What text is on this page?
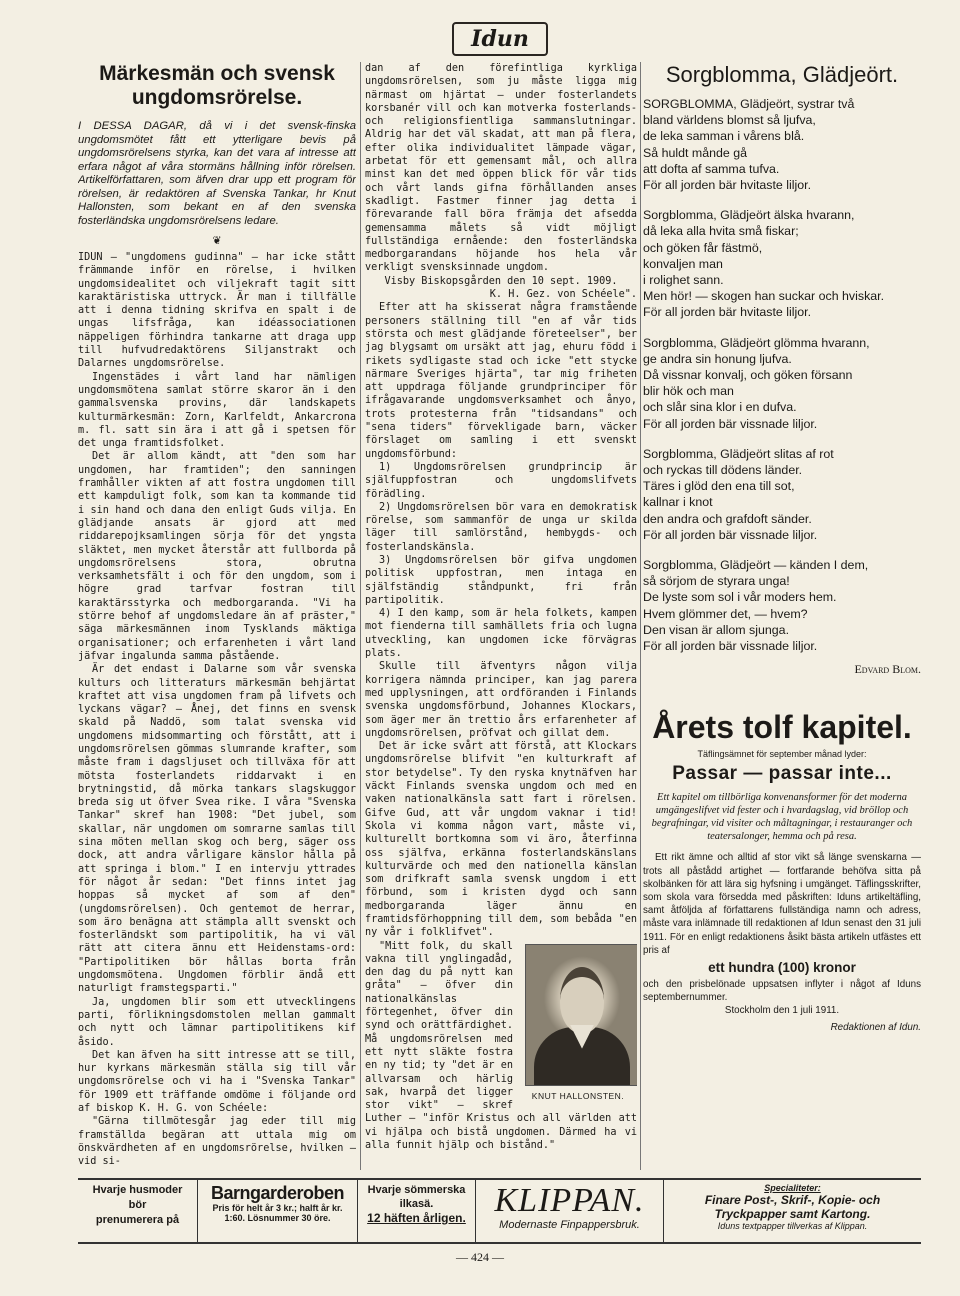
Idun
Märkesmän och svensk ungdomsrörelse.

I DESSA DAGAR, då vi i det svensk-finska ungdomsmötet fått ett ytterligare bevis på ungdomsrörelsens styrka, kan det vara af intresse att erfara något af våra stormäns hållning inför rörelsen. Artikelförfattaren, som äfven drar upp ett program för rörelsen, är redaktören af Svenska Tankar, hr Knut Hallonsten, som bekant en af den svenska fosterländska ungdomsrörelsens ledare.

❦

IDUN — "ungdomens gudinna" — har icke stått främmande inför en rörelse, i hvilken ungdomsidealitet och viljekraft tagit sitt karaktäristiska uttryck. Är man i tillfälle att i denna tidning skrifva en spalt i de ungas lifsfråga, kan idéassociationen näppeligen förhindra tankarne att draga upp till hufvudredaktörens Siljanstrakt och Dalarnes ungdomsrörelse.

Ingenstädes i vårt land har nämligen ungdomsmötena samlat större skaror än i den gammalsvenska provins, där landskapets kulturmärkesmän: Zorn, Karlfeldt, Ankarcrona m. fl. satt sin ära i att gå i spetsen för det unga framtidsfolket.

Det är allom kändt, att "den som har ungdomen, har framtiden"; den sanningen framhåller vikten af att fostra ungdomen till ett kampduligt folk, som kan ta kommande tid i sin hand och dana den enligt Guds vilja. En glädjande ansats är gjord att med riddarepojksamlingen sörja för det yngsta släktet, men mycket återstår att fullborda på ungdomsrörelsens stora, obrutna verksamhetsfält i och för den ungdom, som i högre grad tarfvar fostran till karaktärsstyrka och medborgaranda. "Vi ha större behof af ungdomsledare än af präster," säga märkesmännen inom Tysklands mäktiga organisationer; och erfarenheten i vårt land jäfvar ingalunda samma påstående.

Är det endast i Dalarne som vår svenska kulturs och litteraturs märkesmän behjärtat kraftet att visa ungdomen fram på lifvets och lyckans vägar? — Ånej, det finns en svensk skald på Naddö, som talat svenska vid ungdomens midsommarting och förstått, att i ungdomsrörelsen gömmas slumrande krafter, som måste fram i dagsljuset och tillväxa för att mötsta fosterlandets riddarvakt i en brytningstid, då mörka tankars slagskuggor breda sig ut öfver Svea rike. I våra "Svenska Tankar" skref han 1908: "Det jubel, som skallar, när ungdomen om somrarne samlas till sina möten mellan skog och berg, säger oss dock, att andra vårligare känslor hålla på att springa i blom." I en intervju yttrades för något år sedan: "Det finns intet jag hoppas så mycket af som af den" (ungdomsrörelsen). Och gentemot de herrar, som äro benägna att stämpla allt svenskt och fosterländskt som partipolitik, ha vi väl rätt att citera ännu ett Heidenstams-ord: "Partipolitiken bör hållas borta från ungdomsmötena. Ungdomen förblir ändå ett naturligt framstegsparti."

Ja, ungdomen blir som ett utvecklingens parti, förlikningsdomstolen mellan gammalt och nytt och lämnar partipolitikens kif åsido.

Det kan äfven ha sitt intresse att se till, hur kyrkans märkesmän ställa sig till vår ungdomsrörelse och vi ha i "Svenska Tankar" för 1909 ett träffande omdöme i följande ord af biskop K. H. G. von Schéele:

"Gärna tillmötesgår jag eder till mig framställda begäran att uttala mig om önskvärdheten af en ungdomsrörelse, hvilken — vid si-

dan af den förefintliga kyrkliga ungdomsrörelsen, som ju måste ligga mig närmast om hjärtat — under fosterlandets korsbanér vill och kan motverka fosterlands- och religionsfientliga sammanslutningar. Aldrig har det väl skadat, att man på flera, efter olika individualitet lämpade vägar, arbetat för ett gemensamt mål, och allra minst kan det med öppen blick för vår tids och vårt lands gifna förhållanden anses skadligt. Fastmer finner jag detta i förevarande fall böra främja det afsedda gemensamma målets så vidt möjligt fullständiga ernående: den fosterländska medborgarandans höjande hos hela vår verkligt svensksinnade ungdom.

Visby Biskopsgården den 10 sept. 1909.

K. H. Gez. von Schéele".

Efter att ha skisserat några framstående personers ställning till "en af vår tids största och mest glädjande företeelser", ber jag blygsamt om ursäkt att jag, ehuru född i rikets sydligaste stad och icke "ett stycke närmare Sveriges hjärta", tar mig friheten att uppdraga följande grundprinciper för ifrågavarande ungdomsverksamhet och ånyo, trots protesterna från "tidsandans" och "sena tiders" förvekligade barn, väcker förslaget om samling i ett svenskt ungdomsförbund:

1) Ungdomsrörelsen grundprincip är själfuppfostran och ungdomslifvets förädling.

2) Ungdomsrörelsen bör vara en demokratisk rörelse, som sammanför de unga ur skilda läger till samlörstånd, hembygds- och fosterlandskänsla.

3) Ungdomsrörelsen bör gifva ungdomen politisk uppfostran, men intaga en själfständig ståndpunkt, fri från partipolitik.

4) I den kamp, som är hela folkets, kampen mot fienderna till samhällets fria och lugna utveckling, kan ungdomen icke förvägras plats.

Skulle till äfventyrs någon vilja korrigera nämnda principer, kan jag parera med upplysningen, att ordföranden i Finlands svenska ungdomsförbund, Johannes Klockars, som äger mer än trettio års erfarenheter af ungdomsrörelsen, pröfvat och gillat dem.

Det är icke svårt att förstå, att Klockars ungdomsrörelse blifvit "en kulturkraft af stor betydelse". Ty den ryska knytnäfven har väckt Finlands svenska ungdom och med en vaken nationalkänsla satt fart i rörelsen. Gifve Gud, att vår ungdom vaknar i tid! Skola vi komma någon vart, måste vi, kulturellt bortkomna som vi äro, återfinna oss själfva, erkänna fosterlandskänslans kulturvärde och med den nationella känslan som drifkraft samla svensk ungdom i ett förbund, som i kristen dygd och sann medborgaranda läger ännu en framtidsförhoppning till dem, som bebåda "en ny vår i folklifvet".

KNUT HALLONSTEN.

"Mitt folk, du skall vakna till ynglingadåd, den dag du på nytt kan gråta" — öfver din nationalkänslas förtegenhet, öfver din synd och orättfärdighet. Må ungdomsrörelsen med ett nytt släkte fostra en ny tid; ty "det är en allvarsam och härlig sak, hvarpå det ligger stor vikt" — skref Luther — "inför Kristus och all världen att vi hjälpa och bistå ungdomen. Därmed ha vi alla funnit hjälp och bistånd."

Sorgblomma, Glädjeört.
SORGBLOMMA, Glädjeört, systrar två
bland världens blomst så ljufva,
de leka samman i vårens blå.
Så huldt månde gå
att dofta af samma tufva.
För all jorden bär hvitaste liljor.
Sorgblomma, Glädjeört älska hvarann,
då leka alla hvita små fiskar;
och göken får fästmö,
konvaljen man
i rolighet sann.
Men hör! — skogen han suckar och hviskar.
För all jorden bär hvitaste liljor.
Sorgblomma, Glädjeört glömma hvarann,
ge andra sin honung ljufva.
Då vissnar konvalj, och göken försann
blir hök och man
och slår sina klor i en dufva.
För all jorden bär vissnade liljor.
Sorgblomma, Glädjeört slitas af rot
och ryckas till dödens länder.
Täres i glöd den ena till sot,
kallnar i knot
den andra och grafdoft sänder.
För all jorden bär vissnade liljor.
Sorgblomma, Glädjeört — känden I dem,
så sörjom de styrara unga!
De lyste som sol i vår moders hem.
Hvem glömmer det, — hvem?
Den visan är allom sjunga.
För all jorden bär vissnade liljor.
Edvard Blom.
Årets tolf kapitel.
Täflingsämnet för september månad lyder:
Passar — passar inte...
Ett kapitel om tillbörliga konvenansformer för det moderna umgängeslifvet vid fester och i hvardagslag, vid bröllop och begrafningar, vid visiter och måltagningar, i restauranger och teatersalonger, hemma och på resa.

Ett rikt ämne och alltid af stor vikt så länge svenskarna — trots all påstådd artighet — fortfarande behöfva sitta på skolbänken för att lära sig hyfsning i umgänget. Täflingsskrifter, som skola vara försedda med påskriften: Iduns artikeltäfling, samt åtföljda af författarens fullständiga namn och adress, måste vara inlämnade till redaktionen af Idun senast den 31 juli 1911. För en enligt redaktionens åsikt bästa artikeln utfästes ett pris af

ett hundra (100) kronor

och den prisbelönade uppsatsen inflyter i något af Iduns septembernummer.

Stockholm den 1 juli 1911.

Redaktionen af Idun.
Hvarje husmoder
bör
prenumerera på
Barngarderoben
Pris för helt år 3 kr.; halft år kr. 1:60. Lösnummer 30 öre.
Hvarje sömmerska
ilkasä.
12 häften årligen. KLIPPAN.
Modernaste Finpappersbruk.
Specialiteter:
Finare Post-, Skrif-, Kopie- och Tryckpapper samt Kartong.
Iduns textpapper tillverkas af Klippan.
— 424 —
